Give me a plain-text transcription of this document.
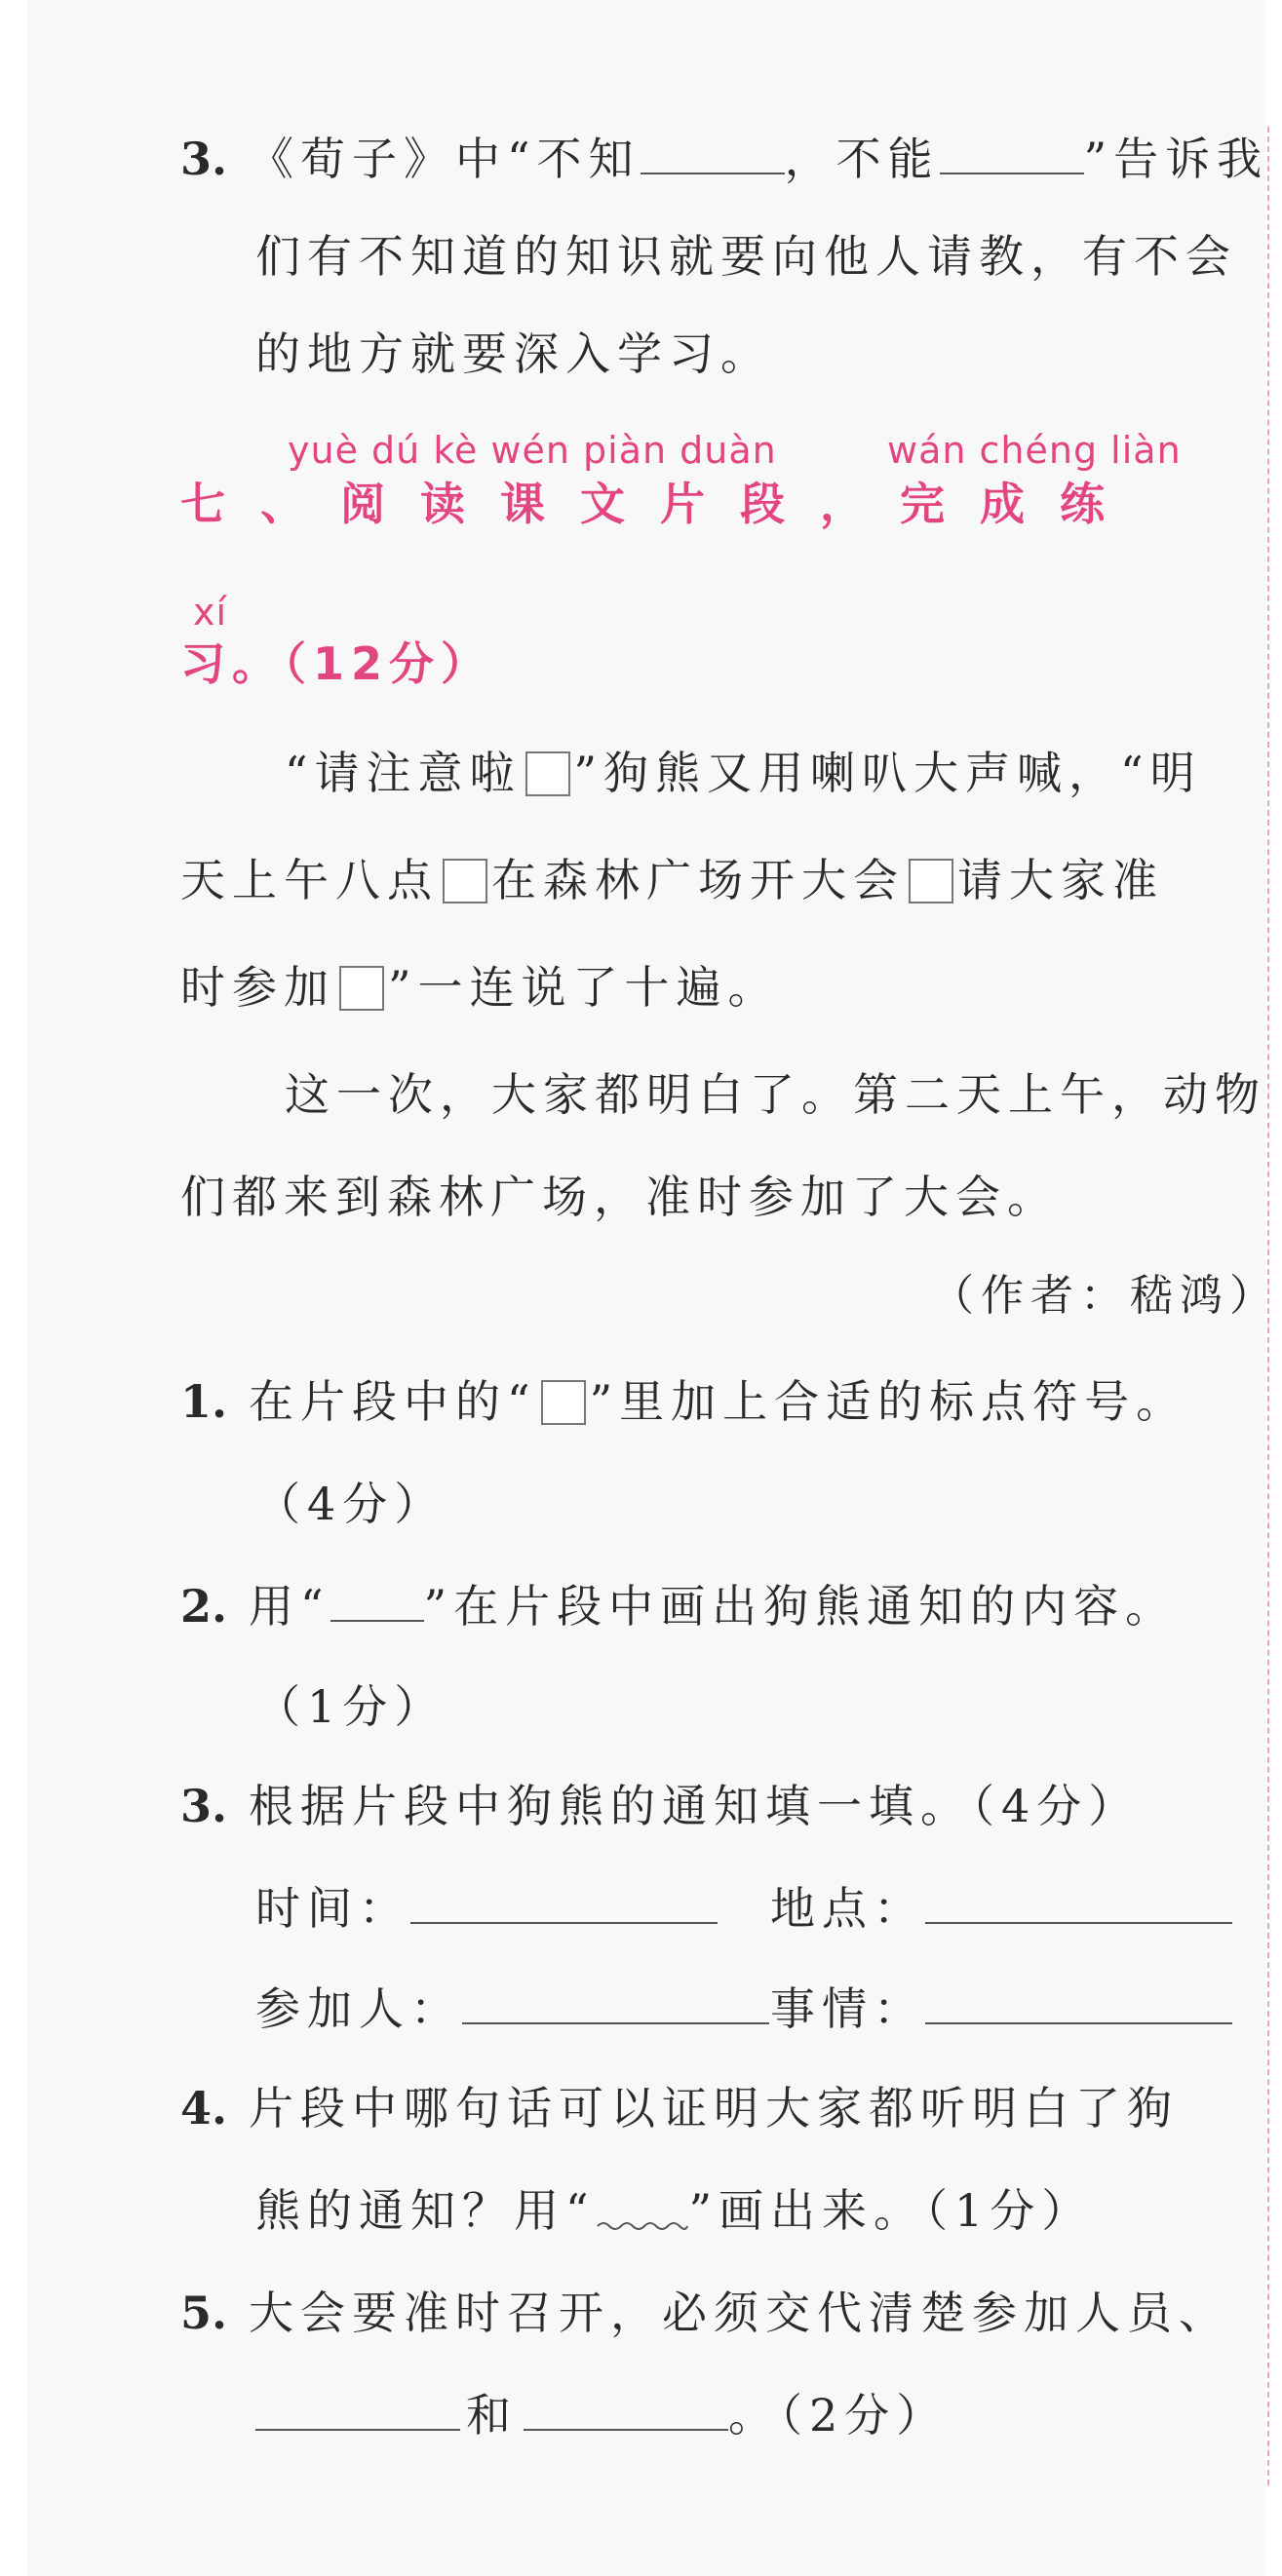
3. 《荀子》中“不知	，不能	”告诉我
们有不知道的知识就要向他人请教，有不会
的地方就要深入学习。
yuè dú kè wén piàn duàn	wán chéng liàn
七、阅读课文片段，完成练
xí
习。（12分）
“请注意啦 ”狗熊又用喇叭大声喊，“明
天上午八点 在森林广场开大会 请大家准
时参加 ”一连说了十遍。
这一次，大家都明白了。第二天上午，动物
们都来到森林广场，准时参加了大会。
（作者：嵇鸿）
1. 在片段中的“ ”里加上合适的标点符号。
（4分）
2. 用“ ”在片段中画出狗熊通知的内容。
（1分）
3. 根据片段中狗熊的通知填一填。（4分）
时间：	地点：
参加人：	事情：
4. 片段中哪句话可以证明大家都听明白了狗
熊的通知？用“ ”画出来。（1分）
5. 大会要准时召开，必须交代清楚参加人员、
和	。（2分）
